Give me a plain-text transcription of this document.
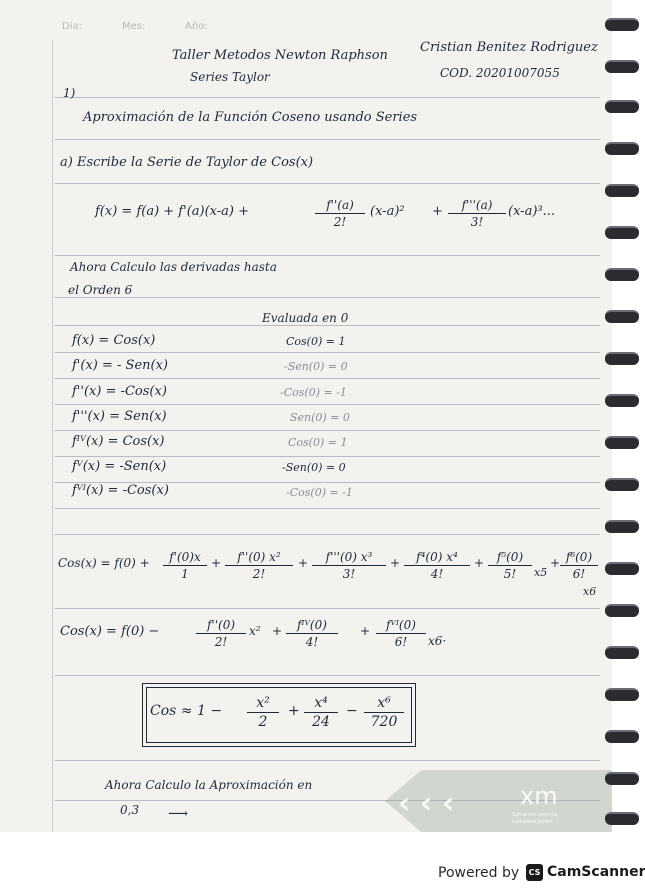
Día:	Mes:	Año:
Taller Metodos Newton Raphson
Cristian Benitez Rodriguez
Series Taylor	COD. 20201007055
1)
Aproximación de la Función Coseno usando Series
a) Escribe la Serie de Taylor de Cos(x)
f(x) = f(a) + f'(a)(x-a) +	$\frac{f''(a)}{2!} (x-a)^2 + \frac{f'''(a)}{3!} (x-a)^3$...
Ahora Calculo las derivadas hasta
el Orden 6
Evaluada en 0
f(x) = Cos(x)	Cos(0) = 1
f'(x) = - Sen(x)	-Sen(0) = 0
f''(x) = -Cos(x)	-Cos(0) = -1
f'''(x) = Sen(x)	Sen(0) = 0
fᴵⱽ(x) = Cos(x)	Cos(0) = 1
fⱽ(x) = -Sen(x)	-Sen(0) = 0
fⱽᴵ(x) = -Cos(x)	-Cos(0) = -1
$Cos(x) = f(0) + \frac{f'(0)x}{1} + \frac{\text{f''(0) x²}}{2!} + \frac{\text{f'''(0) x³}}{3!} + \frac{\text{f⁴(0) x⁴}}{4!} + \frac{\text{f⁵(0)}}{5!} x5$
+ $\frac{\text{f⁶(0)}}{6!}$
x6
Cos(x) = f(0) −	$\frac{f''(0)}{2!} x^2$ +	fᴵⱽ(0)
4!
+	fⱽᴵ(0)
6!	x6·
Cos ≈ $1 - \frac{\text{x²}}{2} + \frac{\text{x⁴}}{24} - \frac{\text{x⁶}}{720}$
Ahora Calculo la Aproximación en
0,3 ⟶	‹ ‹ ‹	xm
Sumamos energía, sumamos poder.
Powered by	CS CamScanner
